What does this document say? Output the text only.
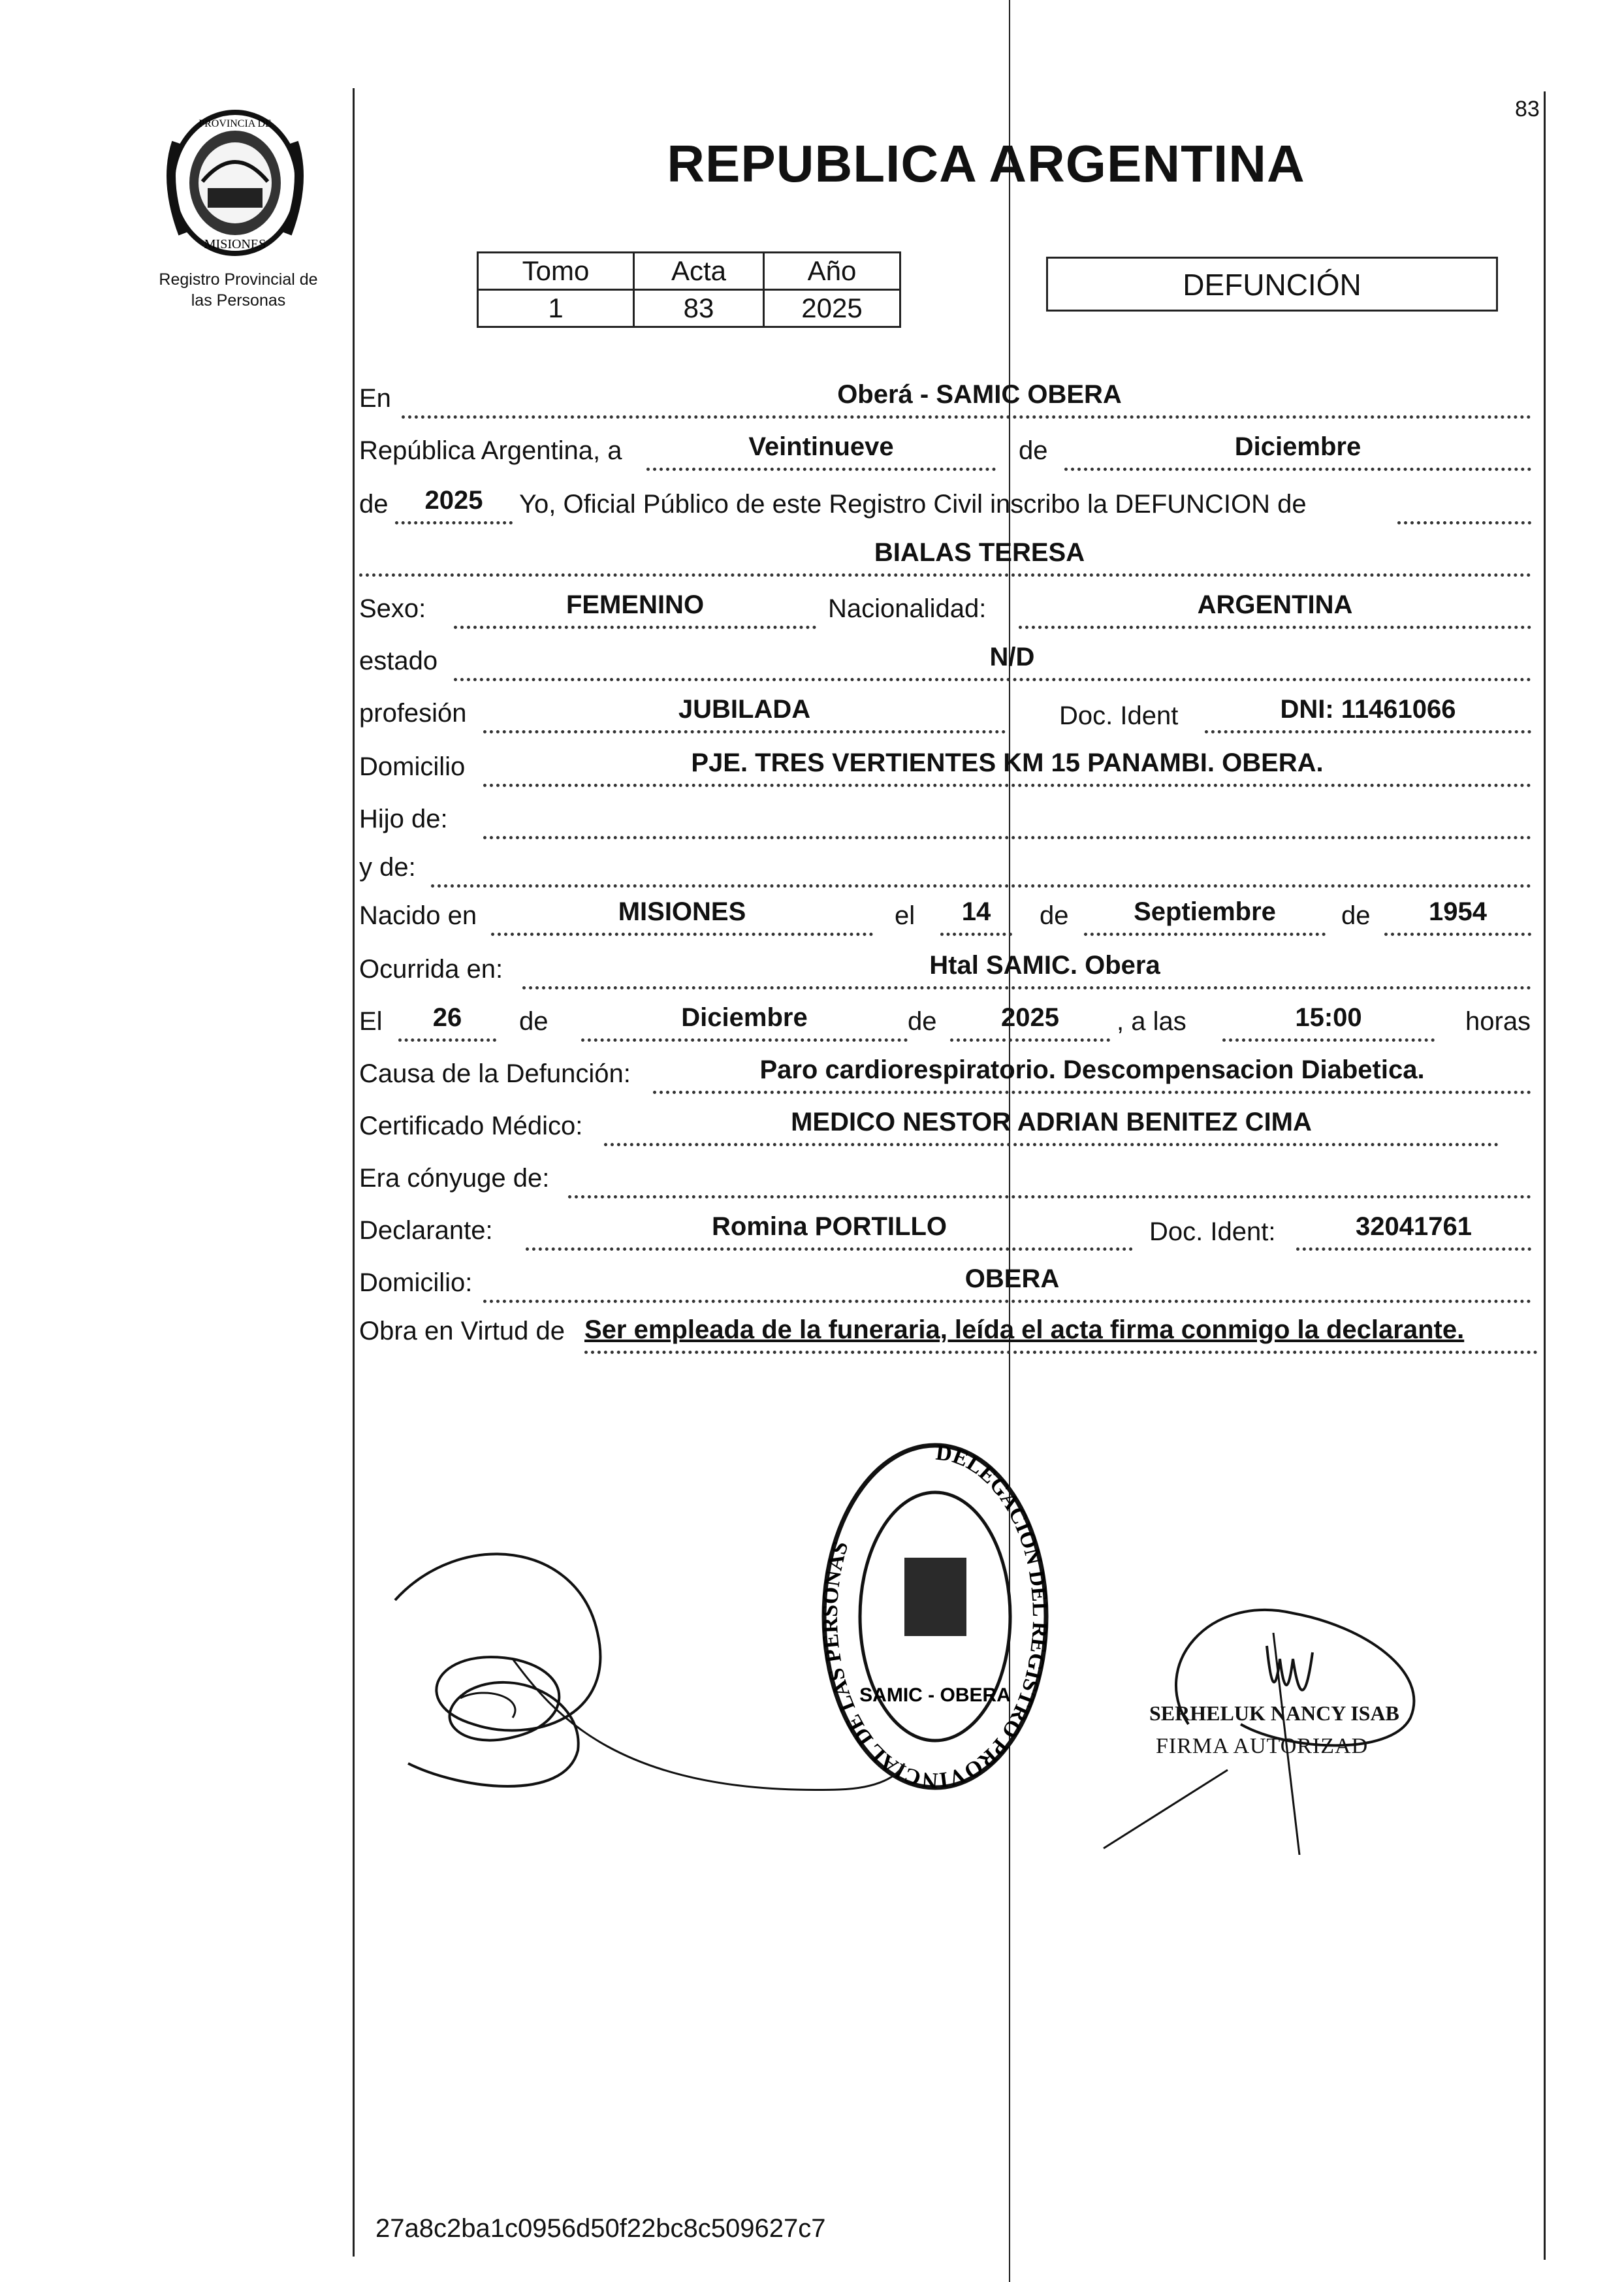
PROVINCIA DE
MISIONES
Registro Provincial de
las Personas
REPUBLICA ARGENTINA
83
Tomo	Acta	Año
1	83	2025
DEFUNCIÓN
En	Oberá - SAMIC OBERA
República Argentina, a	Veintinueve	de	Diciembre
de	2025	Yo, Oficial Público de este Registro Civil inscribo la DEFUNCION de
BIALAS TERESA
Sexo:	FEMENINO	Nacionalidad:	ARGENTINA
estado	N/D
profesión	JUBILADA	Doc. Ident	DNI: 11461066
Domicilio	PJE. TRES VERTIENTES KM 15 PANAMBI. OBERA.
Hijo de:
y de:
Nacido en	MISIONES	el	14	de	Septiembre	de	1954
Ocurrida en:	Htal SAMIC. Obera
El	26	de	Diciembre	de	2025	, a las	15:00	horas
Causa de la Defunción:	Paro cardiorespiratorio. Descompensacion Diabetica.
Certificado Médico:	MEDICO NESTOR ADRIAN BENITEZ CIMA
Era cónyuge de:
Declarante:	Romina PORTILLO	Doc. Ident:	32041761
Domicilio:	OBERA
Obra en Virtud de Ser empleada de la funeraria, leída el acta firma conmigo la declarante.
DELEGACION DEL REGISTRO PROVINCIAL DE LAS PERSONAS
SAMIC - OBERA
SERHELUK NANCY ISAB
FIRMA AUTORIZAD
27a8c2ba1c0956d50f22bc8c509627c7
